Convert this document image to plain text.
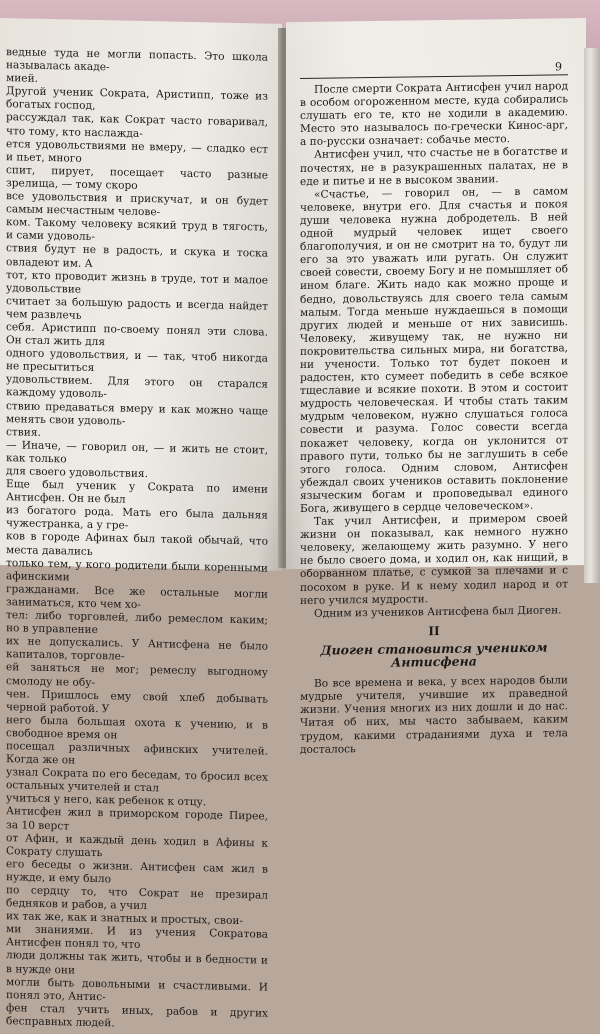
ведные туда не могли попасть. Это школа называлась акаде-

мией.

Другой ученик Сократа, Аристипп, тоже из богатых господ,

рассуждал так, как Сократ часто говаривал, что тому, кто наслажда-

ется удовольствиями не вмеру, — сладко ест и пьет, много

спит, пирует, посещает часто разные зрелища, — тому скоро

все удовольствия и прискучат, и он будет самым несчастным челове-

ком. Такому человеку всякий труд в тягость, и сами удоволь-

ствия будут не в радость, и скука и тоска овладеют им. А

тот, кто проводит жизнь в труде, тот и малое удовольствие

считает за большую радость и всегда найдет чем развлечь

себя. Аристипп по-своему понял эти слова. Он стал жить для

одного удовольствия, и — так, чтоб никогда не пресытиться

удовольствием. Для этого он старался каждому удоволь-

ствию предаваться вмеру и как можно чаще менять свои удоволь-

ствия.

— Иначе, — говорил он, — и жить не стоит, как только

для своего удовольствия.

Еще был ученик у Сократа по имени Антисфен. Он не был

из богатого рода. Мать его была дальняя чужестранка, а у гре-

ков в городе Афинах был такой обычай, что места давались

только тем, у кого родители были коренными афинскими

гражданами. Все же остальные могли заниматься, кто чем хо-

тел: либо торговлей, либо ремеслом каким; но в управление

их не допускались. У Антисфена не было капиталов, торговле-

ей заняться не мог; ремеслу выгодному смолоду не обу-

чен. Пришлось ему свой хлеб добывать черной работой. У

него была большая охота к учению, и в свободное время он

посещал различных афинских учителей. Когда же он

узнал Сократа по его беседам, то бросил всех остальных учителей и стал

учиться у него, как ребенок к отцу.

Антисфен жил в приморском городе Пирее, за 10 верст

от Афин, и каждый день ходил в Афины к Сократу слушать

его беседы о жизни. Антисфен сам жил в нужде, и ему было

по сердцу то, что Сократ не презирал бедняков и рабов, а учил

их так же, как и знатных и простых, свои-

ми знаниями. И из учения Сократова Антисфен понял то, что

люди должны так жить, чтобы и в бедности и в нужде они

могли быть довольными и счастливыми. И понял это, Антис-

фен стал учить иных, рабов и других бесправных людей.

9

После смерти Сократа Антисфен учил народ в особом огороженном месте, куда собирались слушать его те, кто не ходили в академию. Место это называлось по-гречески Кинос-арг, а по-русски означает: собачье место.

Антисфен учил, что счастье не в богатстве и почестях, не в разукрашенных палатах, не в еде и питье и не в высоком звании.

«Счастье, — говорил он, — в самом человеке, внутри его. Для счастья и покоя души человека нужна добродетель. В ней одной мудрый человек ищет своего благополучия, и он не смотрит на то, будут ли его за это уважать или ругать. Он служит своей совести, своему Богу и не помышляет об ином благе. Жить надо как можно проще и бедно, довольствуясь для своего тела самым малым. Тогда меньше нуждаешься в помощи других людей и меньше от них зависишь. Человеку, живущему так, не нужно ни покровительства сильных мира, ни богатства, ни учености. Только тот будет покоен и радостен, кто сумеет победить в себе всякое тщеславие и всякие похоти. В этом и состоит мудрость человеческая. И чтобы стать таким мудрым человеком, нужно слушаться голоса совести и разума. Голос совести всегда покажет человеку, когда он уклонится от правого пути, только бы не заглушить в себе этого голоса. Одним словом, Антисфен убеждал своих учеников оставить поклонение языческим богам и проповедывал единого Бога, живущего в сердце человеческом».

Так учил Антисфен, и примером своей жизни он показывал, как немного нужно человеку, желающему жить разумно. У него не было своего дома, и ходил он, как нищий, в оборванном платье, с сумкой за плечами и с посохом в руке. И к нему ходил народ и от него учился мудрости.

Одним из учеников Антисфена был Диоген.

II

Диоген становится учеником Антисфена

Во все времена и века, у всех народов были мудрые учителя, учившие их праведной жизни. Учения многих из них дошли и до нас. Читая об них, мы часто забываем, каким трудом, какими страданиями духа и тела досталось
